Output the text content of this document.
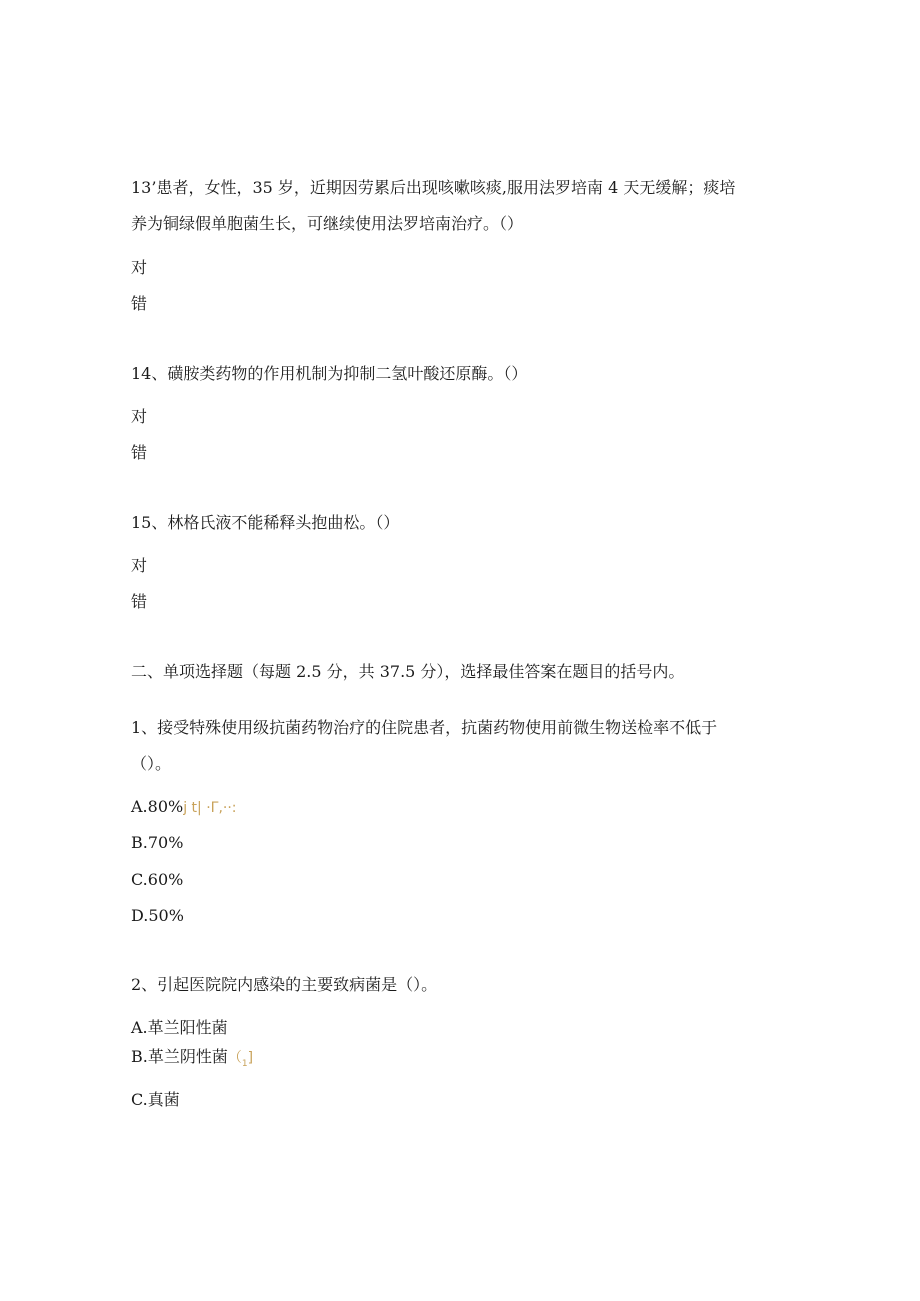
13’患者，女性，35 岁，近期因劳累后出现咳嗽咳痰,服用法罗培南 4 天无缓解；痰培
养为铜绿假单胞菌生长，可继续使用法罗培南治疗。（）
对
错
14、磺胺类药物的作用机制为抑制二氢叶酸还原酶。（）
对
错
15、林格氏液不能稀释头抱曲松。（）
对
错
二、单项选择题（每题 2.5 分，共 37.5 分），选择最佳答案在题目的括号内。
1、接受特殊使用级抗菌药物治疗的住院患者，抗菌药物使用前微生物送检率不低于
（）。
A.80%j t| ·Γ,··:
B.70%
C.60%
D.50%
2、引起医院院内感染的主要致病菌是（）。
A.革兰阳性菌
B.革兰阴性菌$(_1]$
C.真菌
